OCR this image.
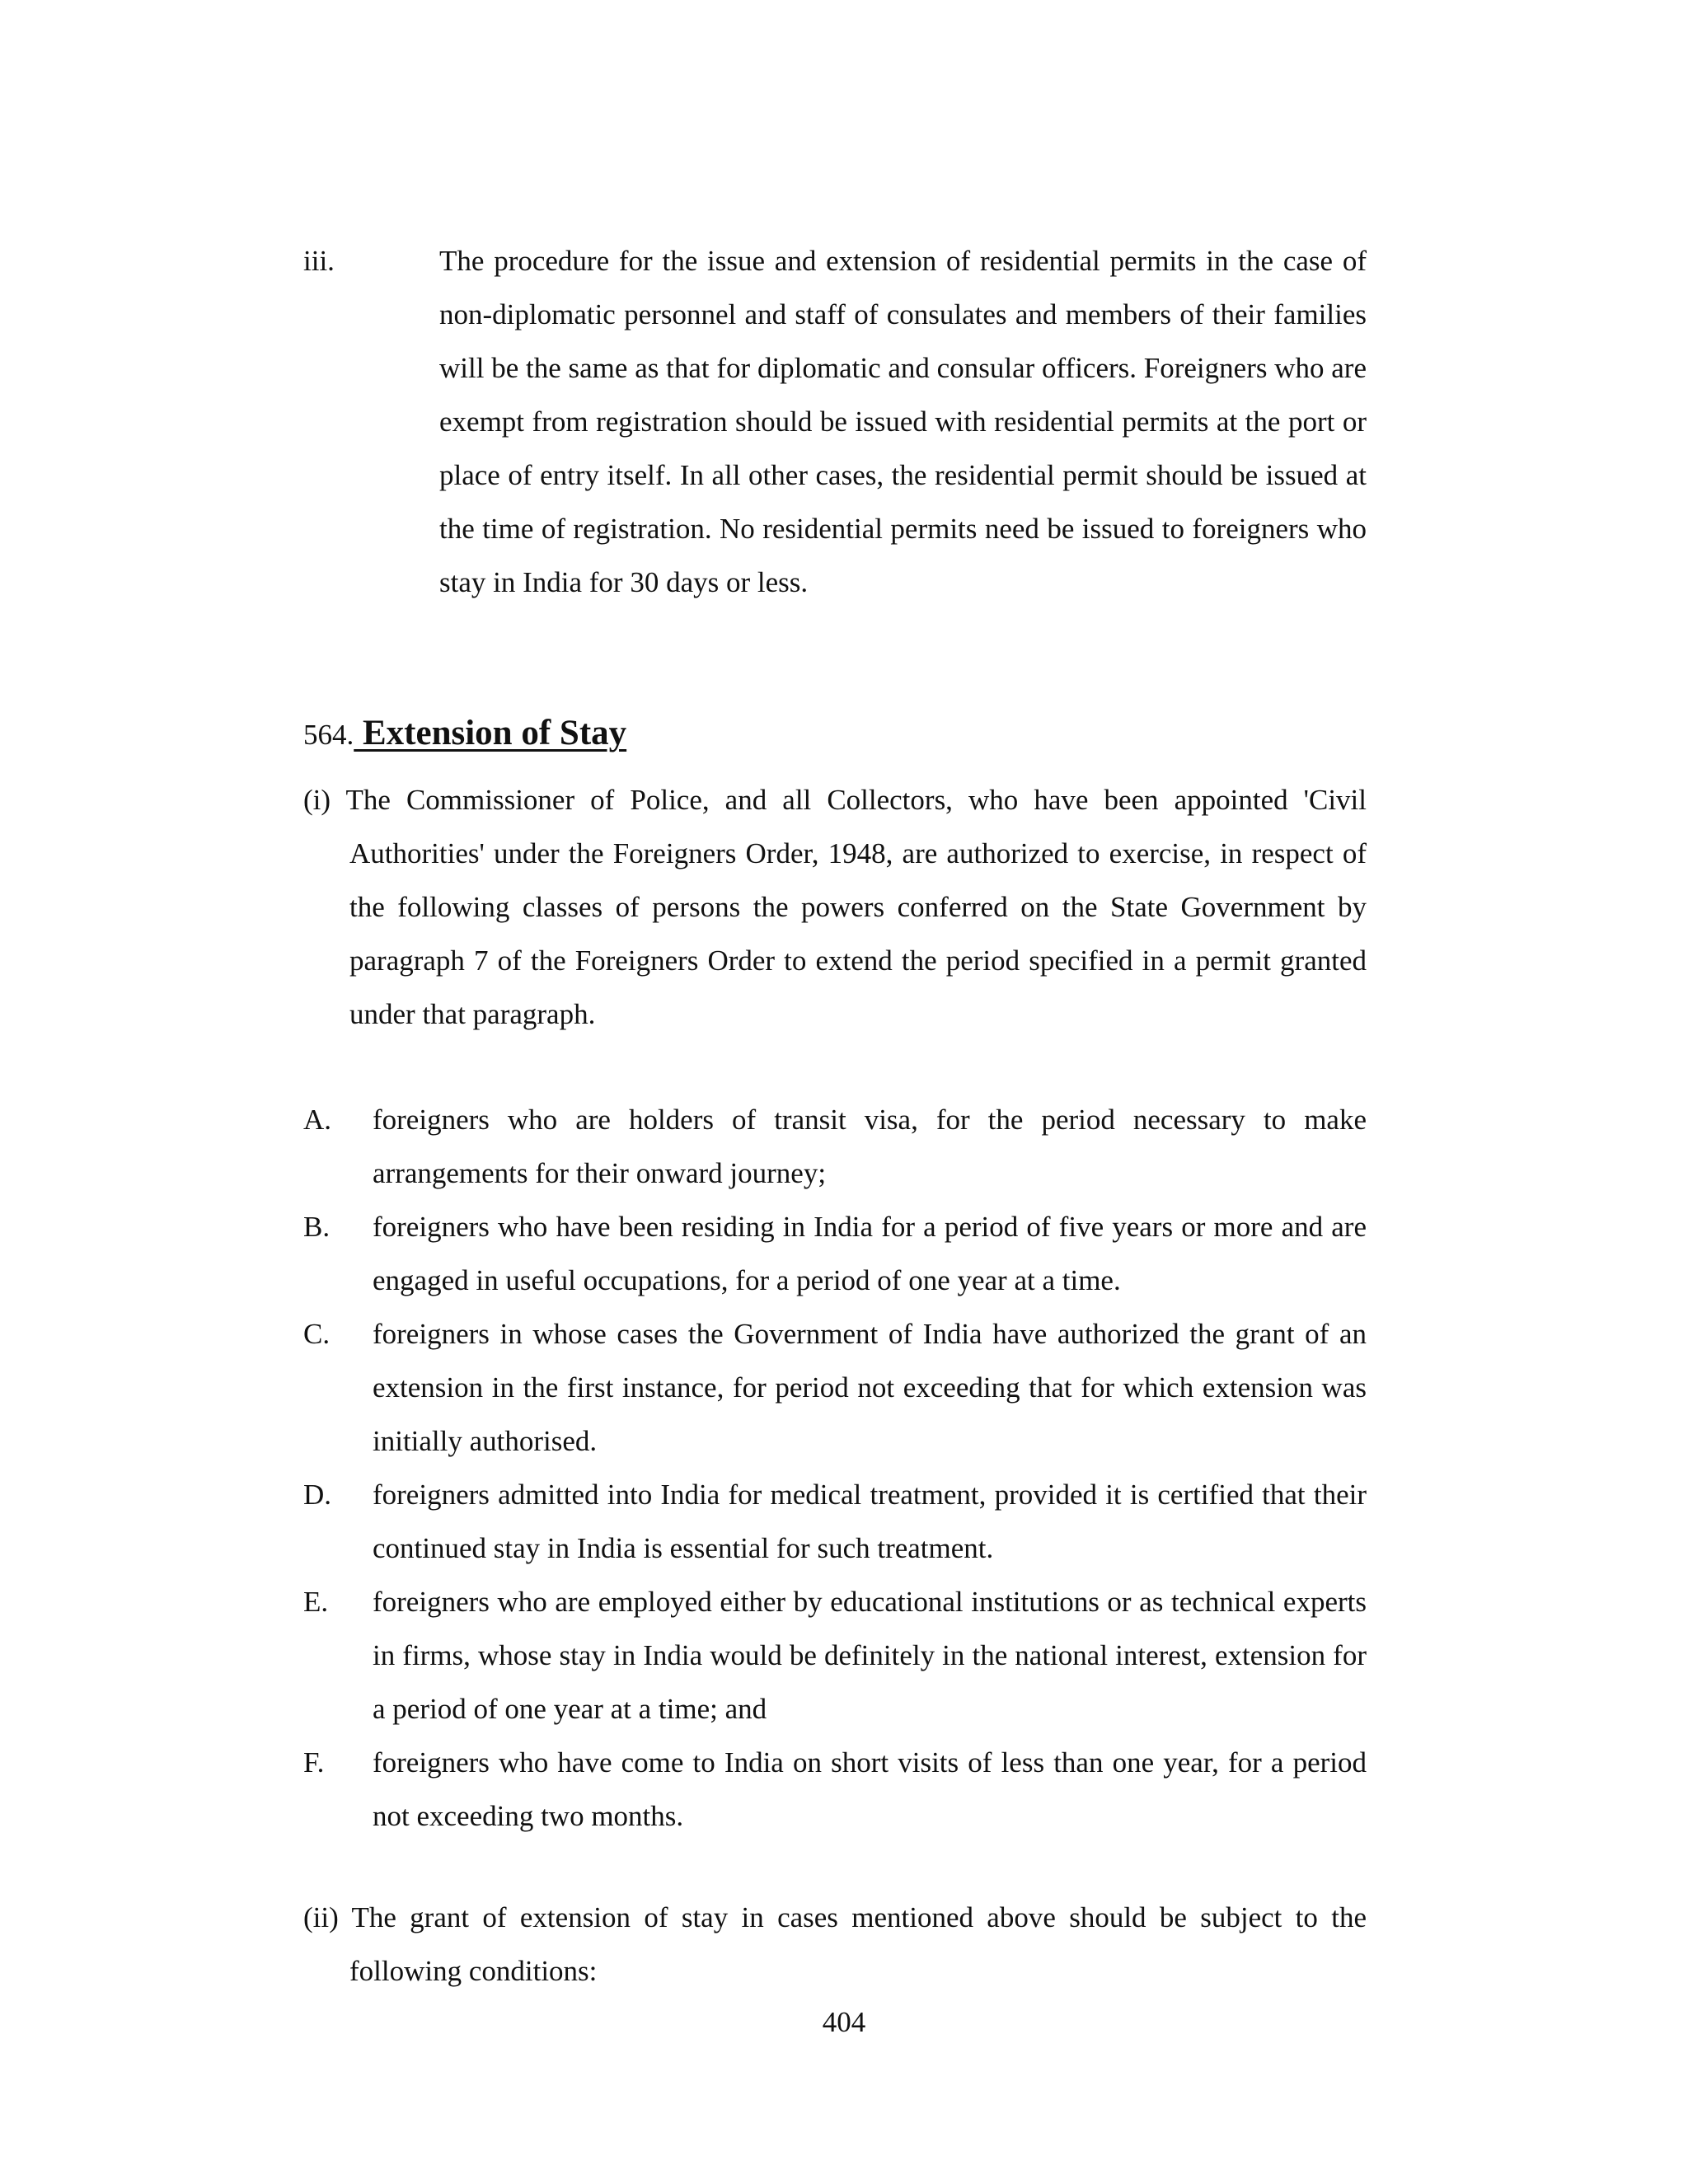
iii.	The procedure for the issue and extension of residential permits in the case of non-diplomatic personnel and staff of consulates and members of their families will be the same as that for diplomatic and consular officers. Foreigners who are exempt from registration should be issued with residential permits at the port or place of entry itself. In all other cases, the residential permit should be issued at the time of registration. No residential permits need be issued to foreigners who stay in India for 30 days or less.
564. Extension of Stay
(i) The Commissioner of Police, and all Collectors, who have been appointed 'Civil Authorities' under the Foreigners Order, 1948, are authorized to exercise, in respect of the following classes of persons the powers conferred on the State Government by paragraph 7 of the Foreigners Order to extend the period specified in a permit granted under that paragraph.
A. foreigners who are holders of transit visa, for the period necessary to make arrangements for their onward journey;
B. foreigners who have been residing in India for a period of five years or more and are engaged in useful occupations, for a period of one year at a time.
C. foreigners in whose cases the Government of India have authorized the grant of an extension in the first instance, for period not exceeding that for which extension was initially authorised.
D. foreigners admitted into India for medical treatment, provided it is certified that their continued stay in India is essential for such treatment.
E. foreigners who are employed either by educational institutions or as technical experts in firms, whose stay in India would be definitely in the national interest, extension for a period of one year at a time; and
F. foreigners who have come to India on short visits of less than one year, for a period not exceeding two months.
(ii) The grant of extension of stay in cases mentioned above should be subject to the following conditions:
404
